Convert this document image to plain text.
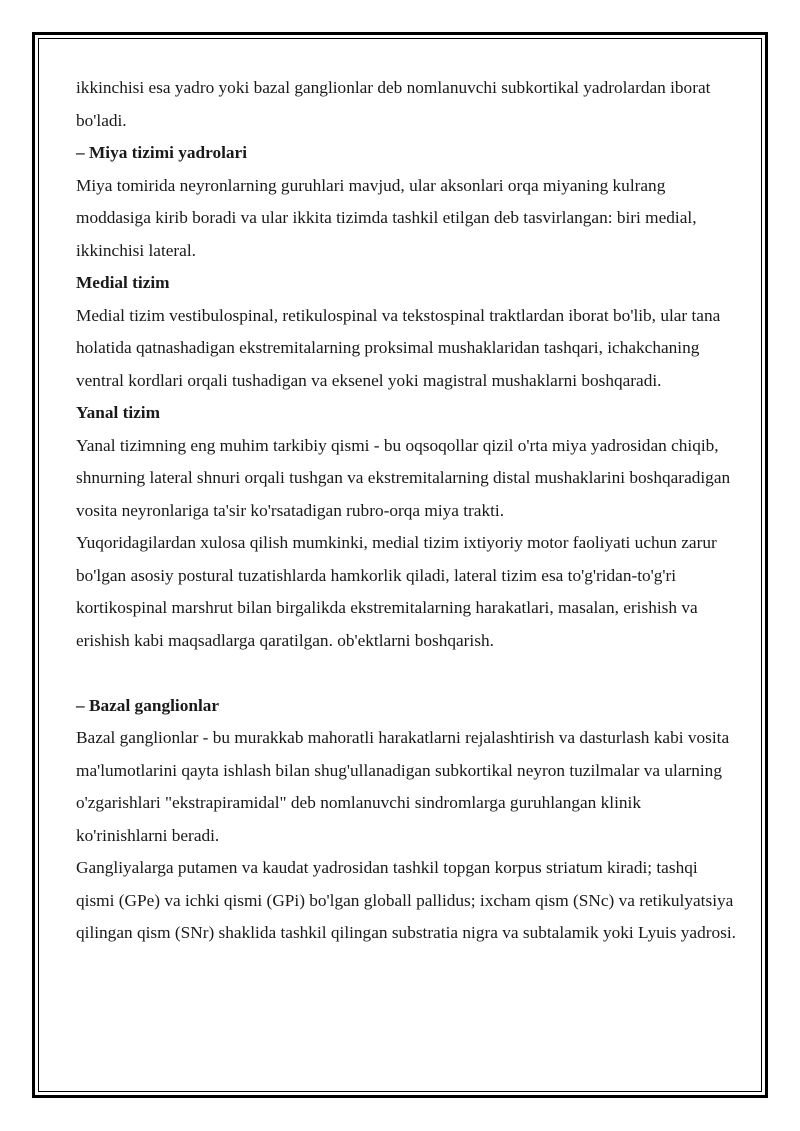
ikkinchisi esa yadro yoki bazal ganglionlar deb nomlanuvchi subkortikal yadrolardan iborat bo'ladi.

– Miya tizimi yadrolari

Miya tomirida neyronlarning guruhlari mavjud, ular aksonlari orqa miyaning kulrang moddasiga kirib boradi va ular ikkita tizimda tashkil etilgan deb tasvirlangan: biri medial, ikkinchisi lateral.

Medial tizim

Medial tizim vestibulospinal, retikulospinal va tekstospinal traktlardan iborat bo'lib, ular tana holatida qatnashadigan ekstremitalarning proksimal mushaklaridan tashqari, ichakchaning ventral kordlari orqali tushadigan va eksenel yoki magistral mushaklarni boshqaradi.

Yanal tizim

Yanal tizimning eng muhim tarkibiy qismi - bu oqsoqollar qizil o'rta miya yadrosidan chiqib, shnurning lateral shnuri orqali tushgan va ekstremitalarning distal mushaklarini boshqaradigan vosita neyronlariga ta'sir ko'rsatadigan rubro-orqa miya trakti.

Yuqoridagilardan xulosa qilish mumkinki, medial tizim ixtiyoriy motor faoliyati uchun zarur bo'lgan asosiy postural tuzatishlarda hamkorlik qiladi, lateral tizim esa to'g'ridan-to'g'ri kortikospinal marshrut bilan birgalikda ekstremitalarning harakatlari, masalan, erishish va erishish kabi maqsadlarga qaratilgan. ob'ektlarni boshqarish.

– Bazal ganglionlar

Bazal ganglionlar - bu murakkab mahoratli harakatlarni rejalashtirish va dasturlash kabi vosita ma'lumotlarini qayta ishlash bilan shug'ullanadigan subkortikal neyron tuzilmalar va ularning o'zgarishlari "ekstrapiramidal" deb nomlanuvchi sindromlarga guruhlangan klinik ko'rinishlarni beradi.

Gangliyalarga putamen va kaudat yadrosidan tashkil topgan korpus striatum kiradi; tashqi qismi (GPe) va ichki qismi (GPi) bo'lgan globall pallidus; ixcham qism (SNc) va retikulyatsiya qilingan qism (SNr) shaklida tashkil qilingan substratia nigra va subtalamik yoki Lyuis yadrosi.
